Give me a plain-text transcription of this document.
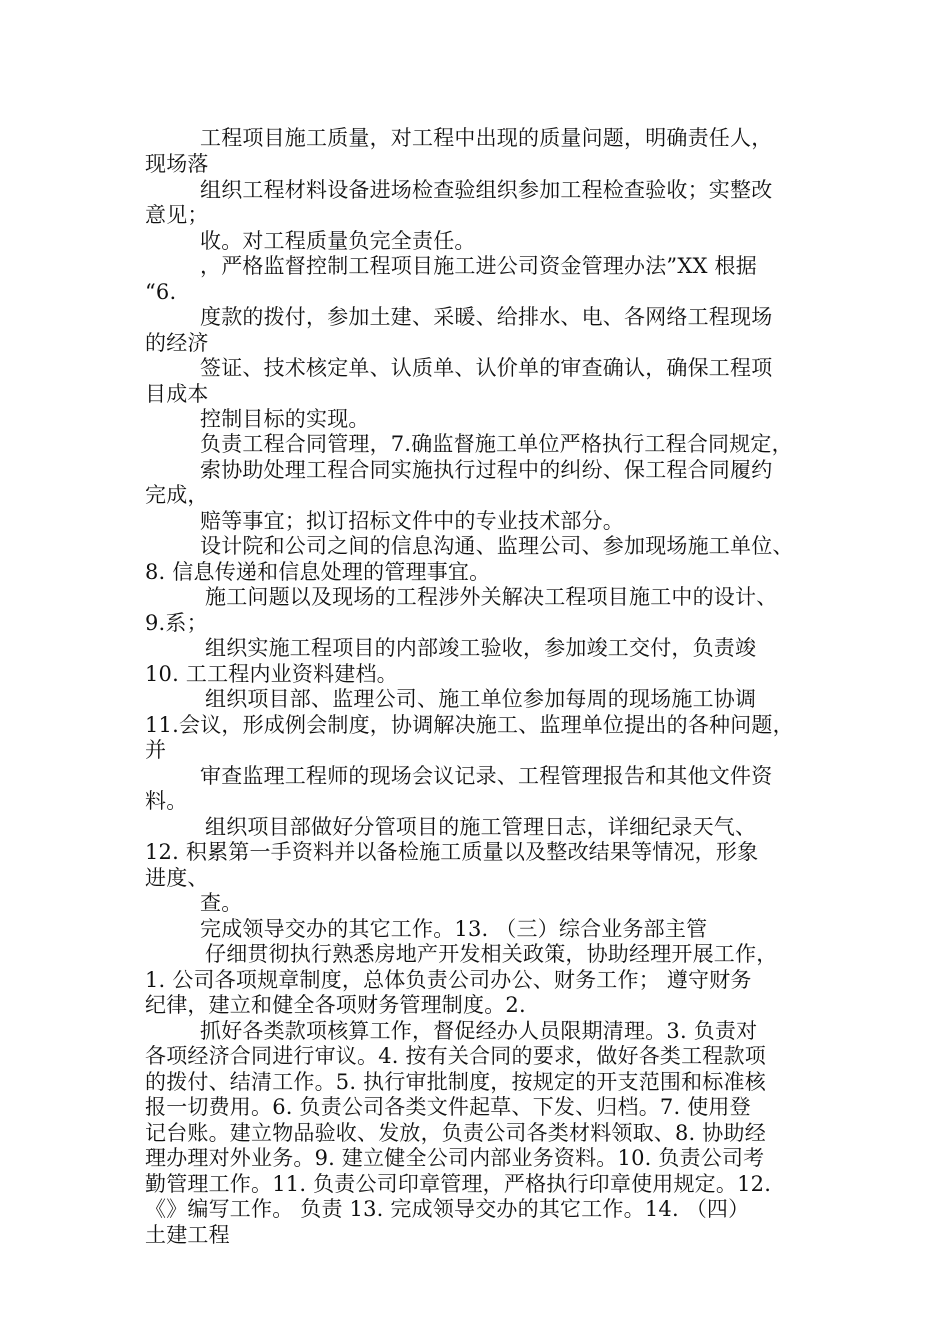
工程项目施工质量，对工程中出现的质量问题，明确责任人，
现场落
组织工程材料设备进场检查验组织参加工程检查验收；实整改
意见；
收。对工程质量负完全责任。
，严格监督控制工程项目施工进公司资金管理办法”XX 根据
“6.
度款的拨付，参加土建、采暖、给排水、电、各网络工程现场
的经济
签证、技术核定单、认质单、认价单的审查确认，确保工程项
目成本
控制目标的实现。
负责工程合同管理，7.确监督施工单位严格执行工程合同规定，
索协助处理工程合同实施执行过程中的纠纷、保工程合同履约
完成，
赔等事宜；拟订招标文件中的专业技术部分。
设计院和公司之间的信息沟通、监理公司、参加现场施工单位、
8. 信息传递和信息处理的管理事宜。
施工问题以及现场的工程涉外关解决工程项目施工中的设计、
9.系；
组织实施工程项目的内部竣工验收，参加竣工交付，负责竣
10. 工工程内业资料建档。
组织项目部、监理公司、施工单位参加每周的现场施工协调
11.会议，形成例会制度，协调解决施工、监理单位提出的各种问题，
并
审查监理工程师的现场会议记录、工程管理报告和其他文件资
料。
组织项目部做好分管项目的施工管理日志，详细纪录天气、
12. 积累第一手资料并以备检施工质量以及整改结果等情况，形象
进度、
查。
完成领导交办的其它工作。13. （三）综合业务部主管
仔细贯彻执行熟悉房地产开发相关政策，协助经理开展工作，
1. 公司各项规章制度，总体负责公司办公、财务工作； 遵守财务
纪律，建立和健全各项财务管理制度。2.
抓好各类款项核算工作，督促经办人员限期清理。3. 负责对
各项经济合同进行审议。4. 按有关合同的要求，做好各类工程款项
的拨付、结清工作。5. 执行审批制度，按规定的开支范围和标准核
报一切费用。6. 负责公司各类文件起草、下发、归档。7. 使用登
记台账。建立物品验收、发放，负责公司各类材料领取、8. 协助经
理办理对外业务。9. 建立健全公司内部业务资料。10. 负责公司考
勤管理工作。11. 负责公司印章管理，严格执行印章使用规定。12.
《》编写工作。 负责 13. 完成领导交办的其它工作。14. （四）
土建工程
